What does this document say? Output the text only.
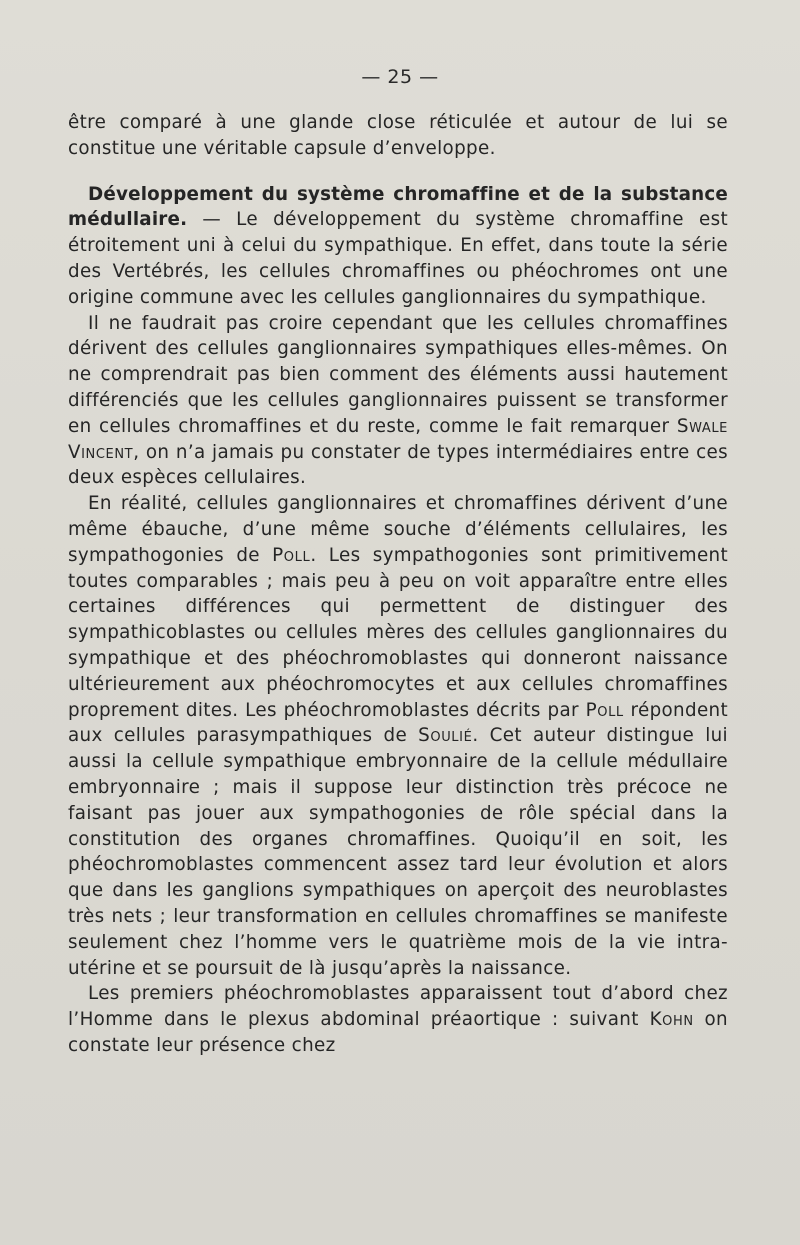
— 25 —

être comparé à une glande close réticulée et autour de lui se constitue une véritable capsule d’enveloppe.

Développement du système chromaffine et de la substance médullaire. — Le développement du système chromaffine est étroitement uni à celui du sympathique. En effet, dans toute la série des Vertébrés, les cellules chromaffines ou phéochromes ont une origine commune avec les cellules ganglionnaires du sympathique.

Il ne faudrait pas croire cependant que les cellules chromaffines dérivent des cellules ganglionnaires sympathiques elles-mêmes. On ne comprendrait pas bien comment des éléments aussi hautement différenciés que les cellules ganglionnaires puissent se transformer en cellules chromaffines et du reste, comme le fait remarquer Swale Vincent, on n’a jamais pu constater de types intermédiaires entre ces deux espèces cellulaires.

En réalité, cellules ganglionnaires et chromaffines dérivent d’une même ébauche, d’une même souche d’éléments cellulaires, les sympathogonies de Poll. Les sympathogonies sont primitivement toutes comparables ; mais peu à peu on voit apparaître entre elles certaines différences qui permettent de distinguer des sympathicoblastes ou cellules mères des cellules ganglionnaires du sympathique et des phéochromoblastes qui donneront naissance ultérieurement aux phéochromocytes et aux cellules chromaffines proprement dites. Les phéochromoblastes décrits par Poll répondent aux cellules parasympathiques de Soulié. Cet auteur distingue lui aussi la cellule sympathique embryonnaire de la cellule médullaire embryonnaire ; mais il suppose leur distinction très précoce ne faisant pas jouer aux sympathogonies de rôle spécial dans la constitution des organes chromaffines. Quoiqu’il en soit, les phéochromoblastes commencent assez tard leur évolution et alors que dans les ganglions sympathiques on aperçoit des neuroblastes très nets ; leur transformation en cellules chromaffines se manifeste seulement chez l’homme vers le quatrième mois de la vie intra-utérine et se poursuit de là jusqu’après la naissance.

Les premiers phéochromoblastes apparaissent tout d’abord chez l’Homme dans le plexus abdominal préaortique : suivant Kohn on constate leur présence chez
